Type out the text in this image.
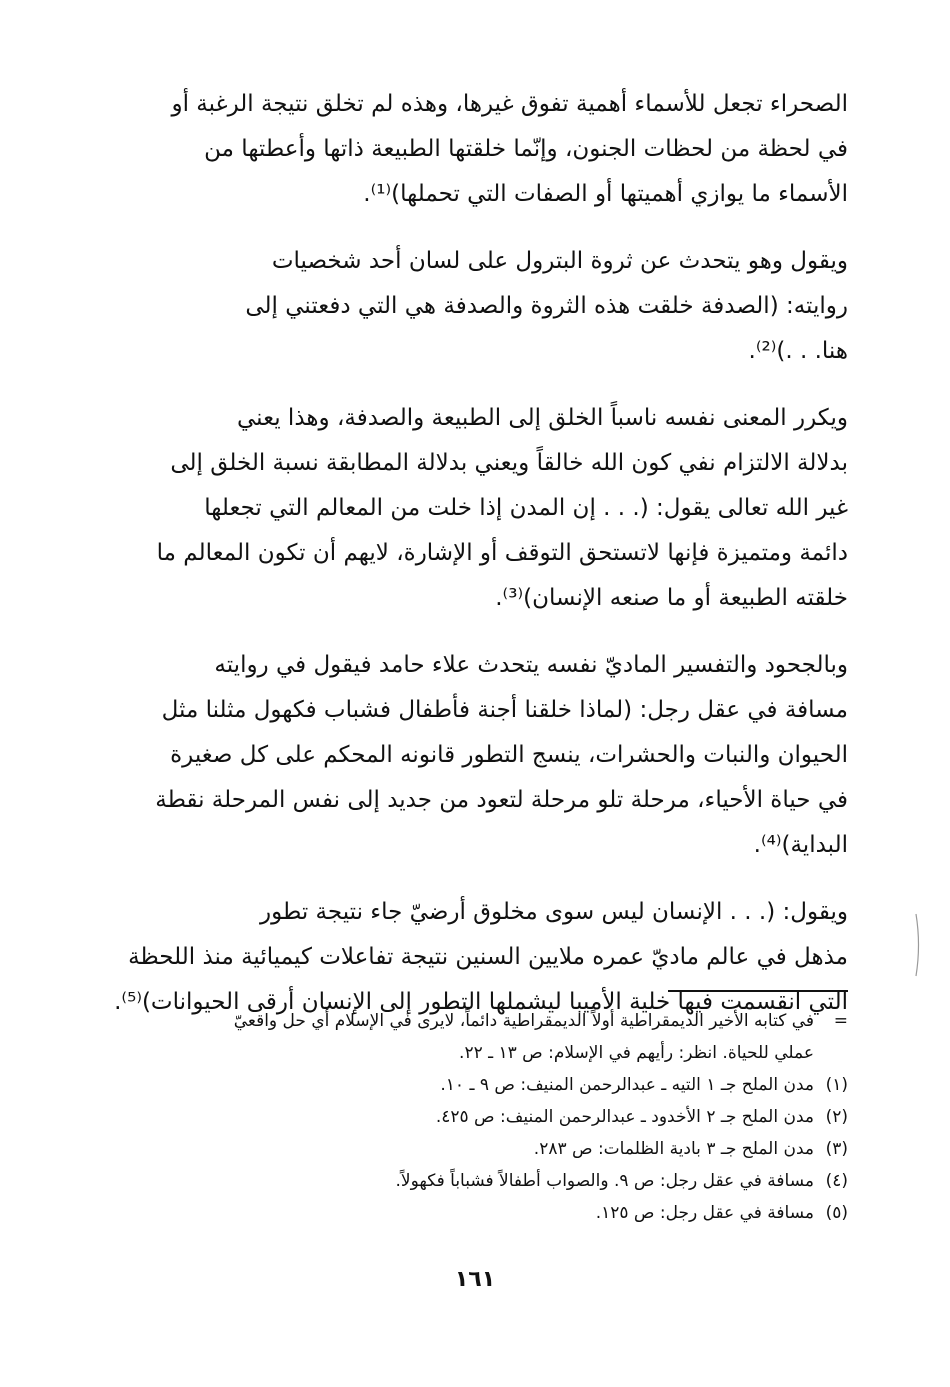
الصحراء تجعل للأسماء أهمية تفوق غيرها، وهذه لم تخلق نتيجة الرغبة أو
في لحظة من لحظات الجنون، وإنّما خلقتها الطبيعة ذاتها وأعطتها من
الأسماء ما يوازي أهميتها أو الصفات التي تحملها)⁽¹⁾.

ويقول وهو يتحدث عن ثروة البترول على لسان أحد شخصيات
روايته: (الصدفة خلقت هذه الثروة والصدفة هي التي دفعتني إلى
هنا. . .)⁽²⁾.

ويكرر المعنى نفسه ناسباً الخلق إلى الطبيعة والصدفة، وهذا يعني
بدلالة الالتزام نفي كون الله خالقاً ويعني بدلالة المطابقة نسبة الخلق إلى
غير الله تعالى يقول: (. . . إن المدن إذا خلت من المعالم التي تجعلها
دائمة ومتميزة فإنها لاتستحق التوقف أو الإشارة، لايهم أن تكون المعالم ما
خلقته الطبيعة أو ما صنعه الإنسان)⁽³⁾.

وبالجحود والتفسير الماديّ نفسه يتحدث علاء حامد فيقول في روايته
مسافة في عقل رجل: (لماذا خلقنا أجنة فأطفال فشباب فكهول مثلنا مثل
الحيوان والنبات والحشرات، ينسج التطور قانونه المحكم على كل صغيرة
في حياة الأحياء، مرحلة تلو مرحلة لتعود من جديد إلى نفس المرحلة نقطة
البداية)⁽⁴⁾.

ويقول: (. . . الإنسان ليس سوى مخلوق أرضيّ جاء نتيجة تطور
مذهل في عالم ماديّ عمره ملايين السنين نتيجة تفاعلات كيميائية منذ اللحظة
التي انقسمت فيها خلية الأميبا ليشملها التطور إلى الإنسان أرقى الحيوانات)⁽⁵⁾.

=
في كتابه الأخير الديمقراطية أولاً الديمقراطية دائماً، لايرى في الإسلام أي حل واقعيّ
عملي للحياة. انظر: رأيهم في الإسلام: ص ١٣ ـ ٢٢.
(١)
مدن الملح جـ ١ التيه ـ عبدالرحمن المنيف: ص ٩ ـ ١٠.
(٢)
مدن الملح جـ ٢ الأخدود ـ عبدالرحمن المنيف: ص ٤٢٥.
(٣)
مدن الملح جـ ٣ بادية الظلمات: ص ٢٨٣.
(٤)
مسافة في عقل رجل: ص ٩. والصواب أطفالاً فشباباً فكهولاً.
(٥)
مسافة في عقل رجل: ص ١٢٥.
١٦١
